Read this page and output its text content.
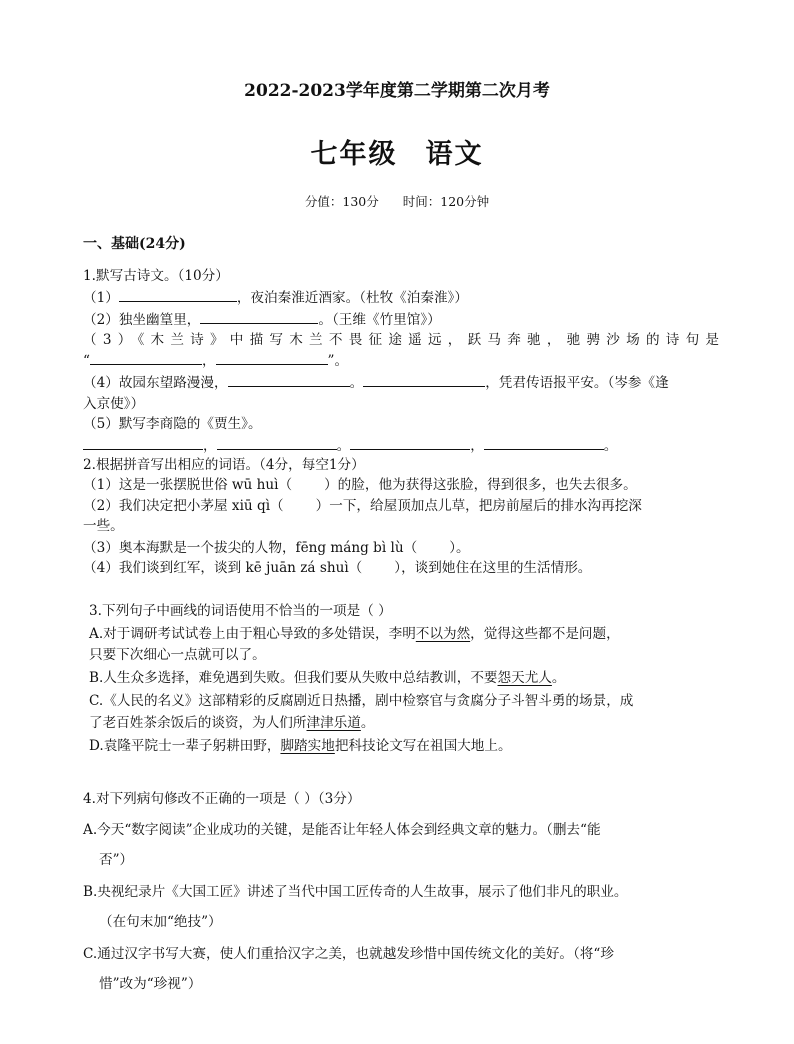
2022-2023学年度第二学期第二次月考
七年级 语文
分值：130分 时间：120分钟
一、基础(24分)
1.默写古诗文。（10分）
（1）	，夜泊秦淮近酒家。（杜牧《泊秦淮》）
（2）独坐幽篁里，	。（王维《竹里馆》）
（3）《木兰诗》中描写木兰不畏征途遥远，跃马奔驰，驰骋沙场的诗句是
“	，	”。
（4）故园东望路漫漫，	。	，凭君传语报平安。（岑参《逢
入京使》）
（5）默写李商隐的《贾生》。
，	。	，	。
2.根据拼音写出相应的词语。（4分，每空1分）
（1）这是一张摆脱世俗 wū huì（ ）的脸，他为获得这张脸，得到很多，也失去很多。
（2）我们决定把小茅屋 xiū qì（ ）一下，给屋顶加点儿草，把房前屋后的排水沟再挖深
一些。
（3）奥本海默是一个拔尖的人物，fēng máng bì lù（ ）。
（4）我们谈到红军，谈到 kē juān zá shuì（ ），谈到她住在这里的生活情形。
3.下列句子中画线的词语使用不恰当的一项是（ ）
A.对于调研考试试卷上由于粗心导致的多处错误，李明不以为然，觉得这些都不是问题，
只要下次细心一点就可以了。
B.人生众多选择，难免遇到失败。但我们要从失败中总结教训，不要怨天尤人。
C.《人民的名义》这部精彩的反腐剧近日热播，剧中检察官与贪腐分子斗智斗勇的场景，成
了老百姓茶余饭后的谈资，为人们所津津乐道。
D.袁隆平院士一辈子躬耕田野，脚踏实地把科技论文写在祖国大地上。
4.对下列病句修改不正确的一项是（ ）（3分）
A.今天“数字阅读”企业成功的关键，是能否让年轻人体会到经典文章的魅力。（删去“能
否”）
B.央视纪录片《大国工匠》讲述了当代中国工匠传奇的人生故事，展示了他们非凡的职业。
（在句末加“绝技”）
C.通过汉字书写大赛，使人们重拾汉字之美，也就越发珍惜中国传统文化的美好。（将“珍
惜”改为“珍视”）
